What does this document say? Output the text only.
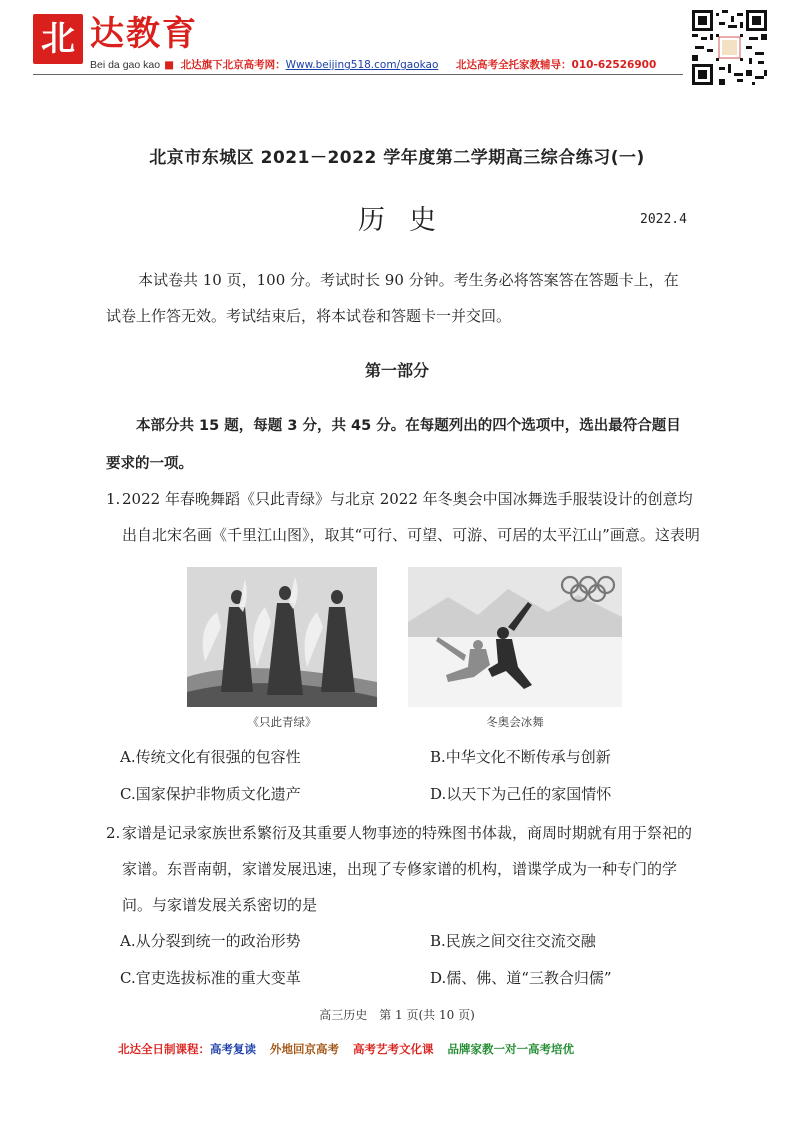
北 达教育
Bei da gao kao ■ 北达旗下北京高考网：Www.beijing518.com/gaokao 北达高考全托家教辅导：010-62526900
北京市东城区 2021－2022 学年度第二学期高三综合练习(一)
历史	2022.4

本试卷共 10 页，100 分。考试时长 90 分钟。考生务必将答案答在答题卡上，在

试卷上作答无效。考试结束后，将本试卷和答题卡一并交回。
第一部分
本部分共 15 题，每题 3 分，共 45 分。在每题列出的四个选项中，选出最符合题目要求的一项。
1. 2022 年春晚舞蹈《只此青绿》与北京 2022 年冬奥会中国冰舞选手服装设计的创意均出自北宋名画《千里江山图》，取其“可行、可望、可游、可居的太平江山”画意。这表明
《只此青绿》	冬奥会冰舞
A.传统文化有很强的包容性	B.中华文化不断传承与创新
C.国家保护非物质文化遗产	D.以天下为己任的家国情怀
2. 家谱是记录家族世系繁衍及其重要人物事迹的特殊图书体裁，商周时期就有用于祭祀的家谱。东晋南朝，家谱发展迅速，出现了专修家谱的机构，谱谍学成为一种专门的学问。与家谱发展关系密切的是
A.从分裂到统一的政治形势	B.民族之间交往交流交融
C.官吏选拔标准的重大变革	D.儒、佛、道“三教合归儒”
高三历史　第 1 页(共 10 页)
北达全日制课程：高考复读 外地回京高考 高考艺考文化课 品牌家教一对一高考培优
